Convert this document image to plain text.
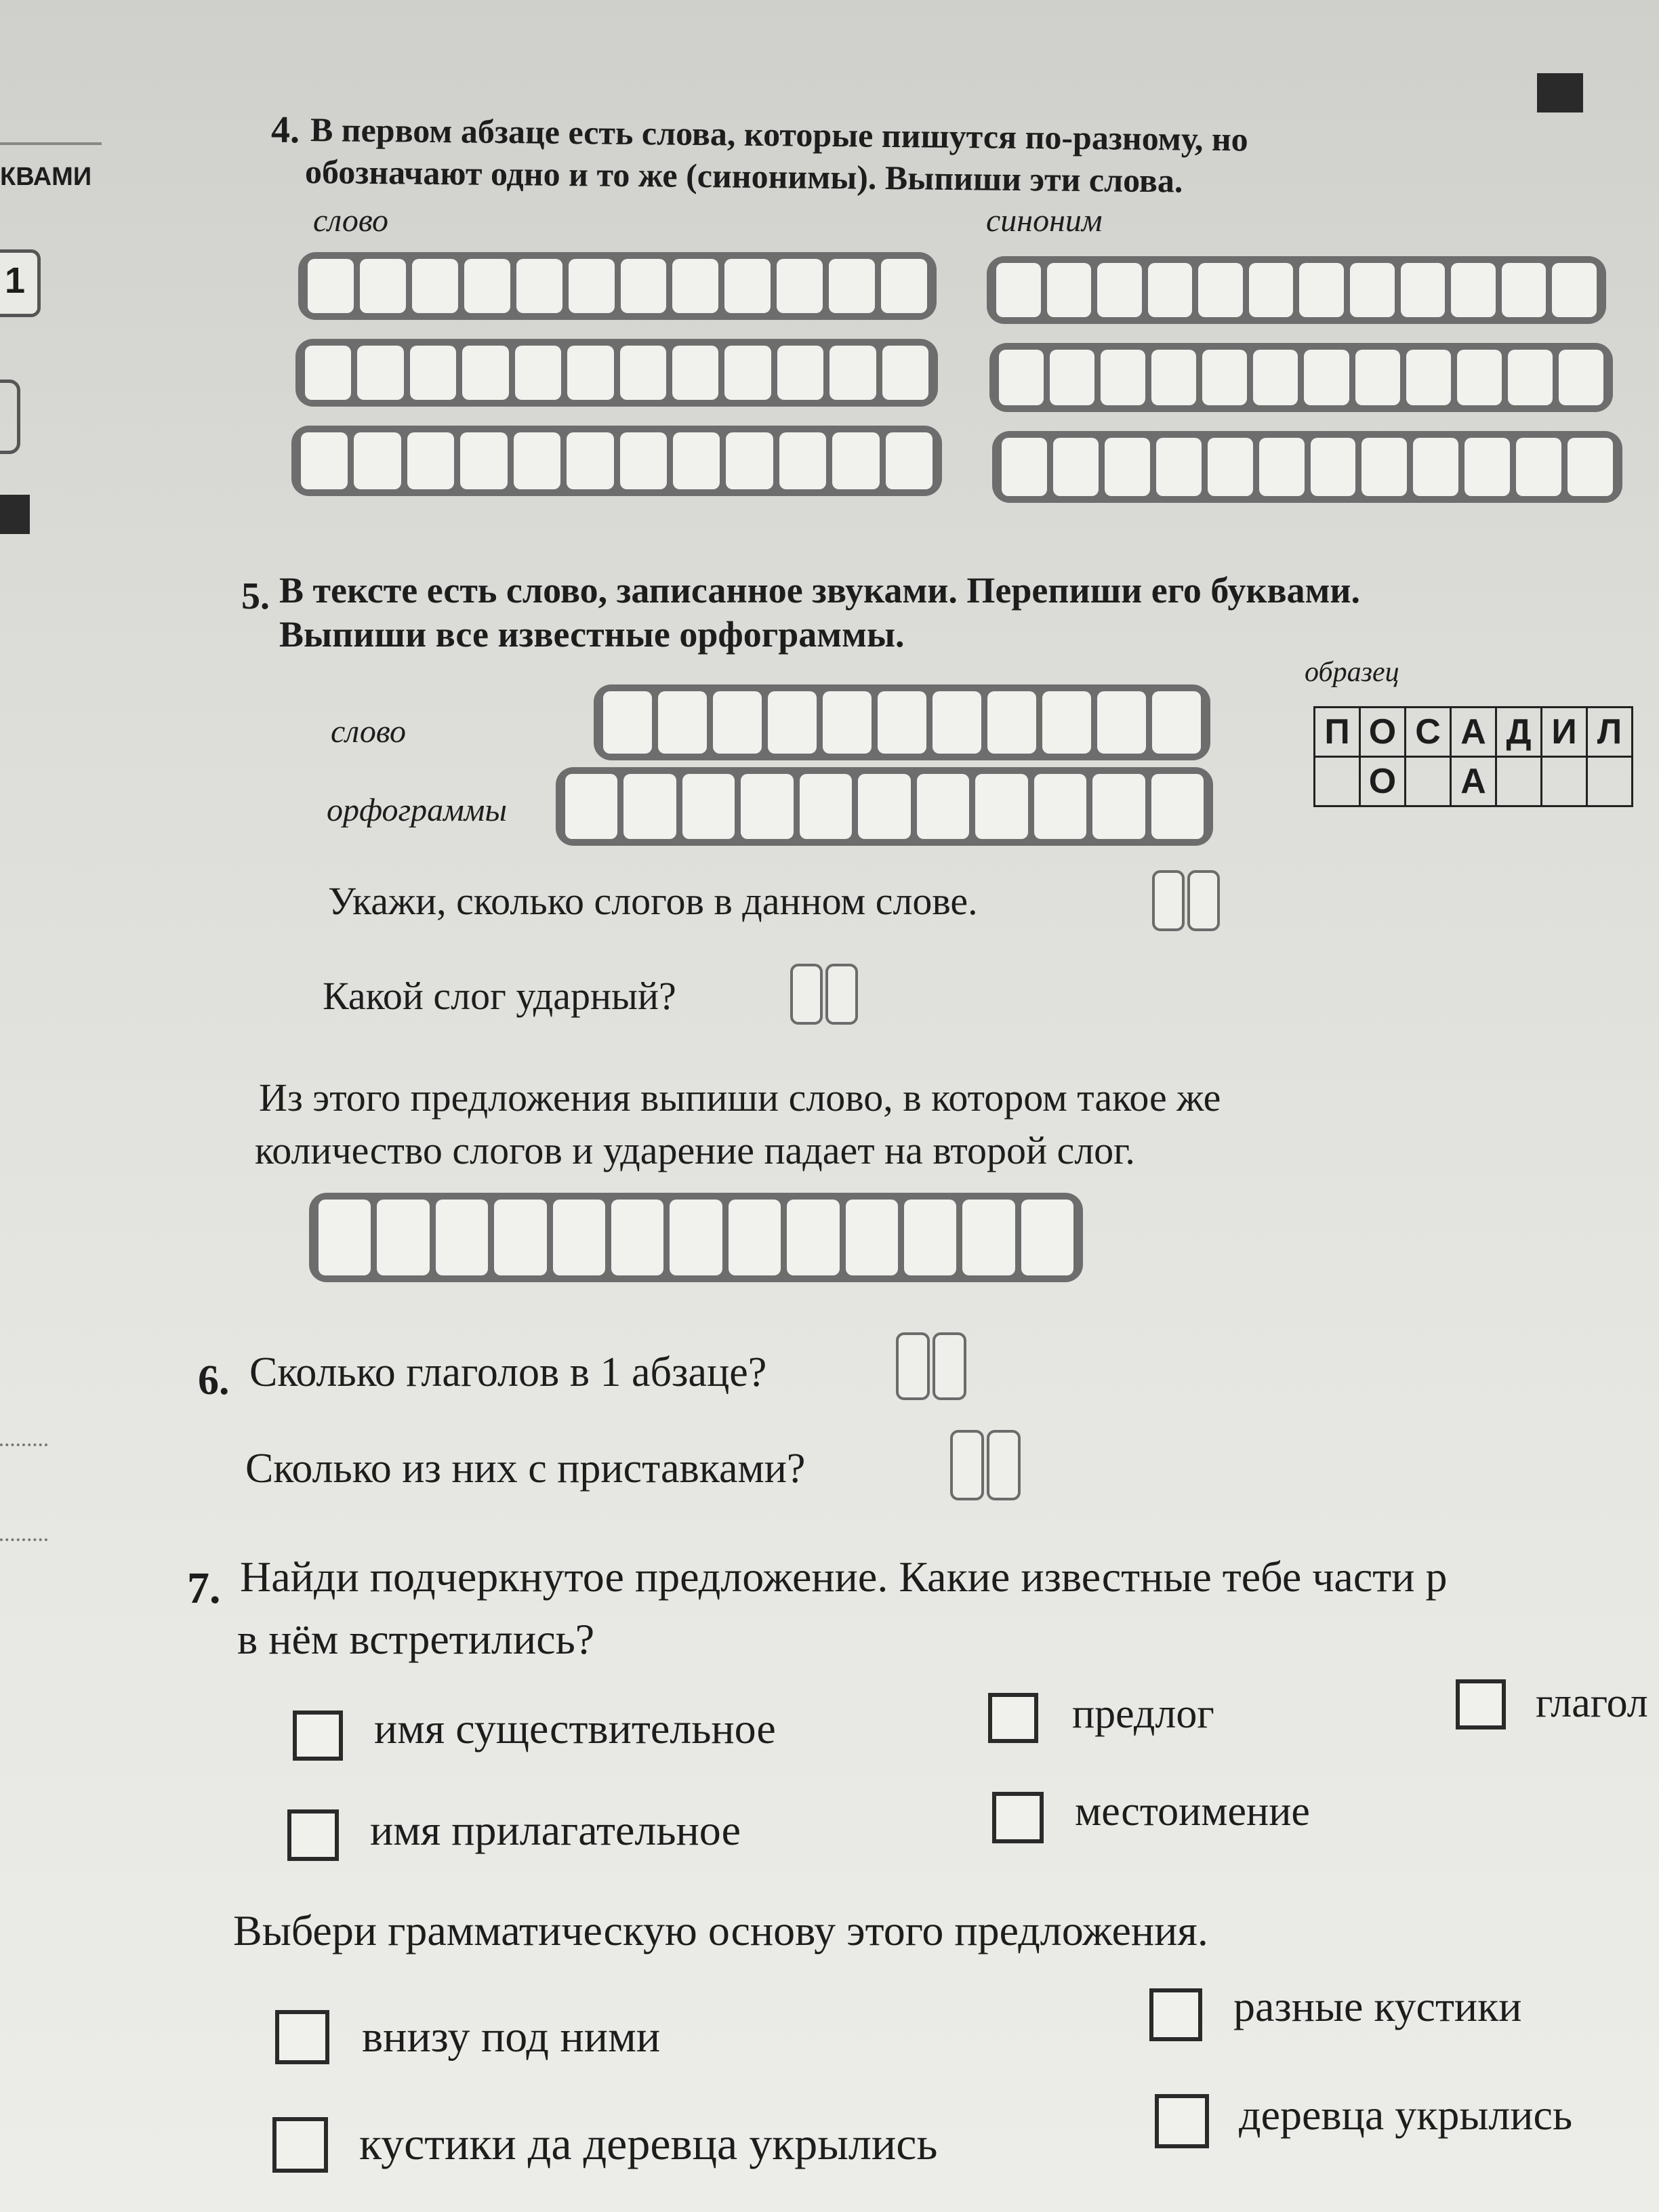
КВАМИ
1
4. В первом абзаце есть слова, которые пишутся по-разному, но
обозначают одно и то же (синонимы). Выпиши эти слова.
слово	синоним
5. В тексте есть слово, записанное звуками. Перепиши его буквами.
Выпиши все известные орфограммы.
образец
П	О	С	А	Д	И	Л
	О		А			
слово
орфограммы
Укажи, сколько слогов в данном слове.
Какой слог ударный?
Из этого предложения выпиши слово, в котором такое же
количество слогов и ударение падает на второй слог.
6. Сколько глаголов в 1 абзаце?
Сколько из них с приставками?
7. Найди подчеркнутое предложение. Какие известные тебе части р
в нём встретились?
имя существительное	предлог	глагол
имя прилагательное	местоимение
Выбери грамматическую основу этого предложения.
внизу под ними
разные кустики
кустики да деревца укрылись
деревца укрылись
